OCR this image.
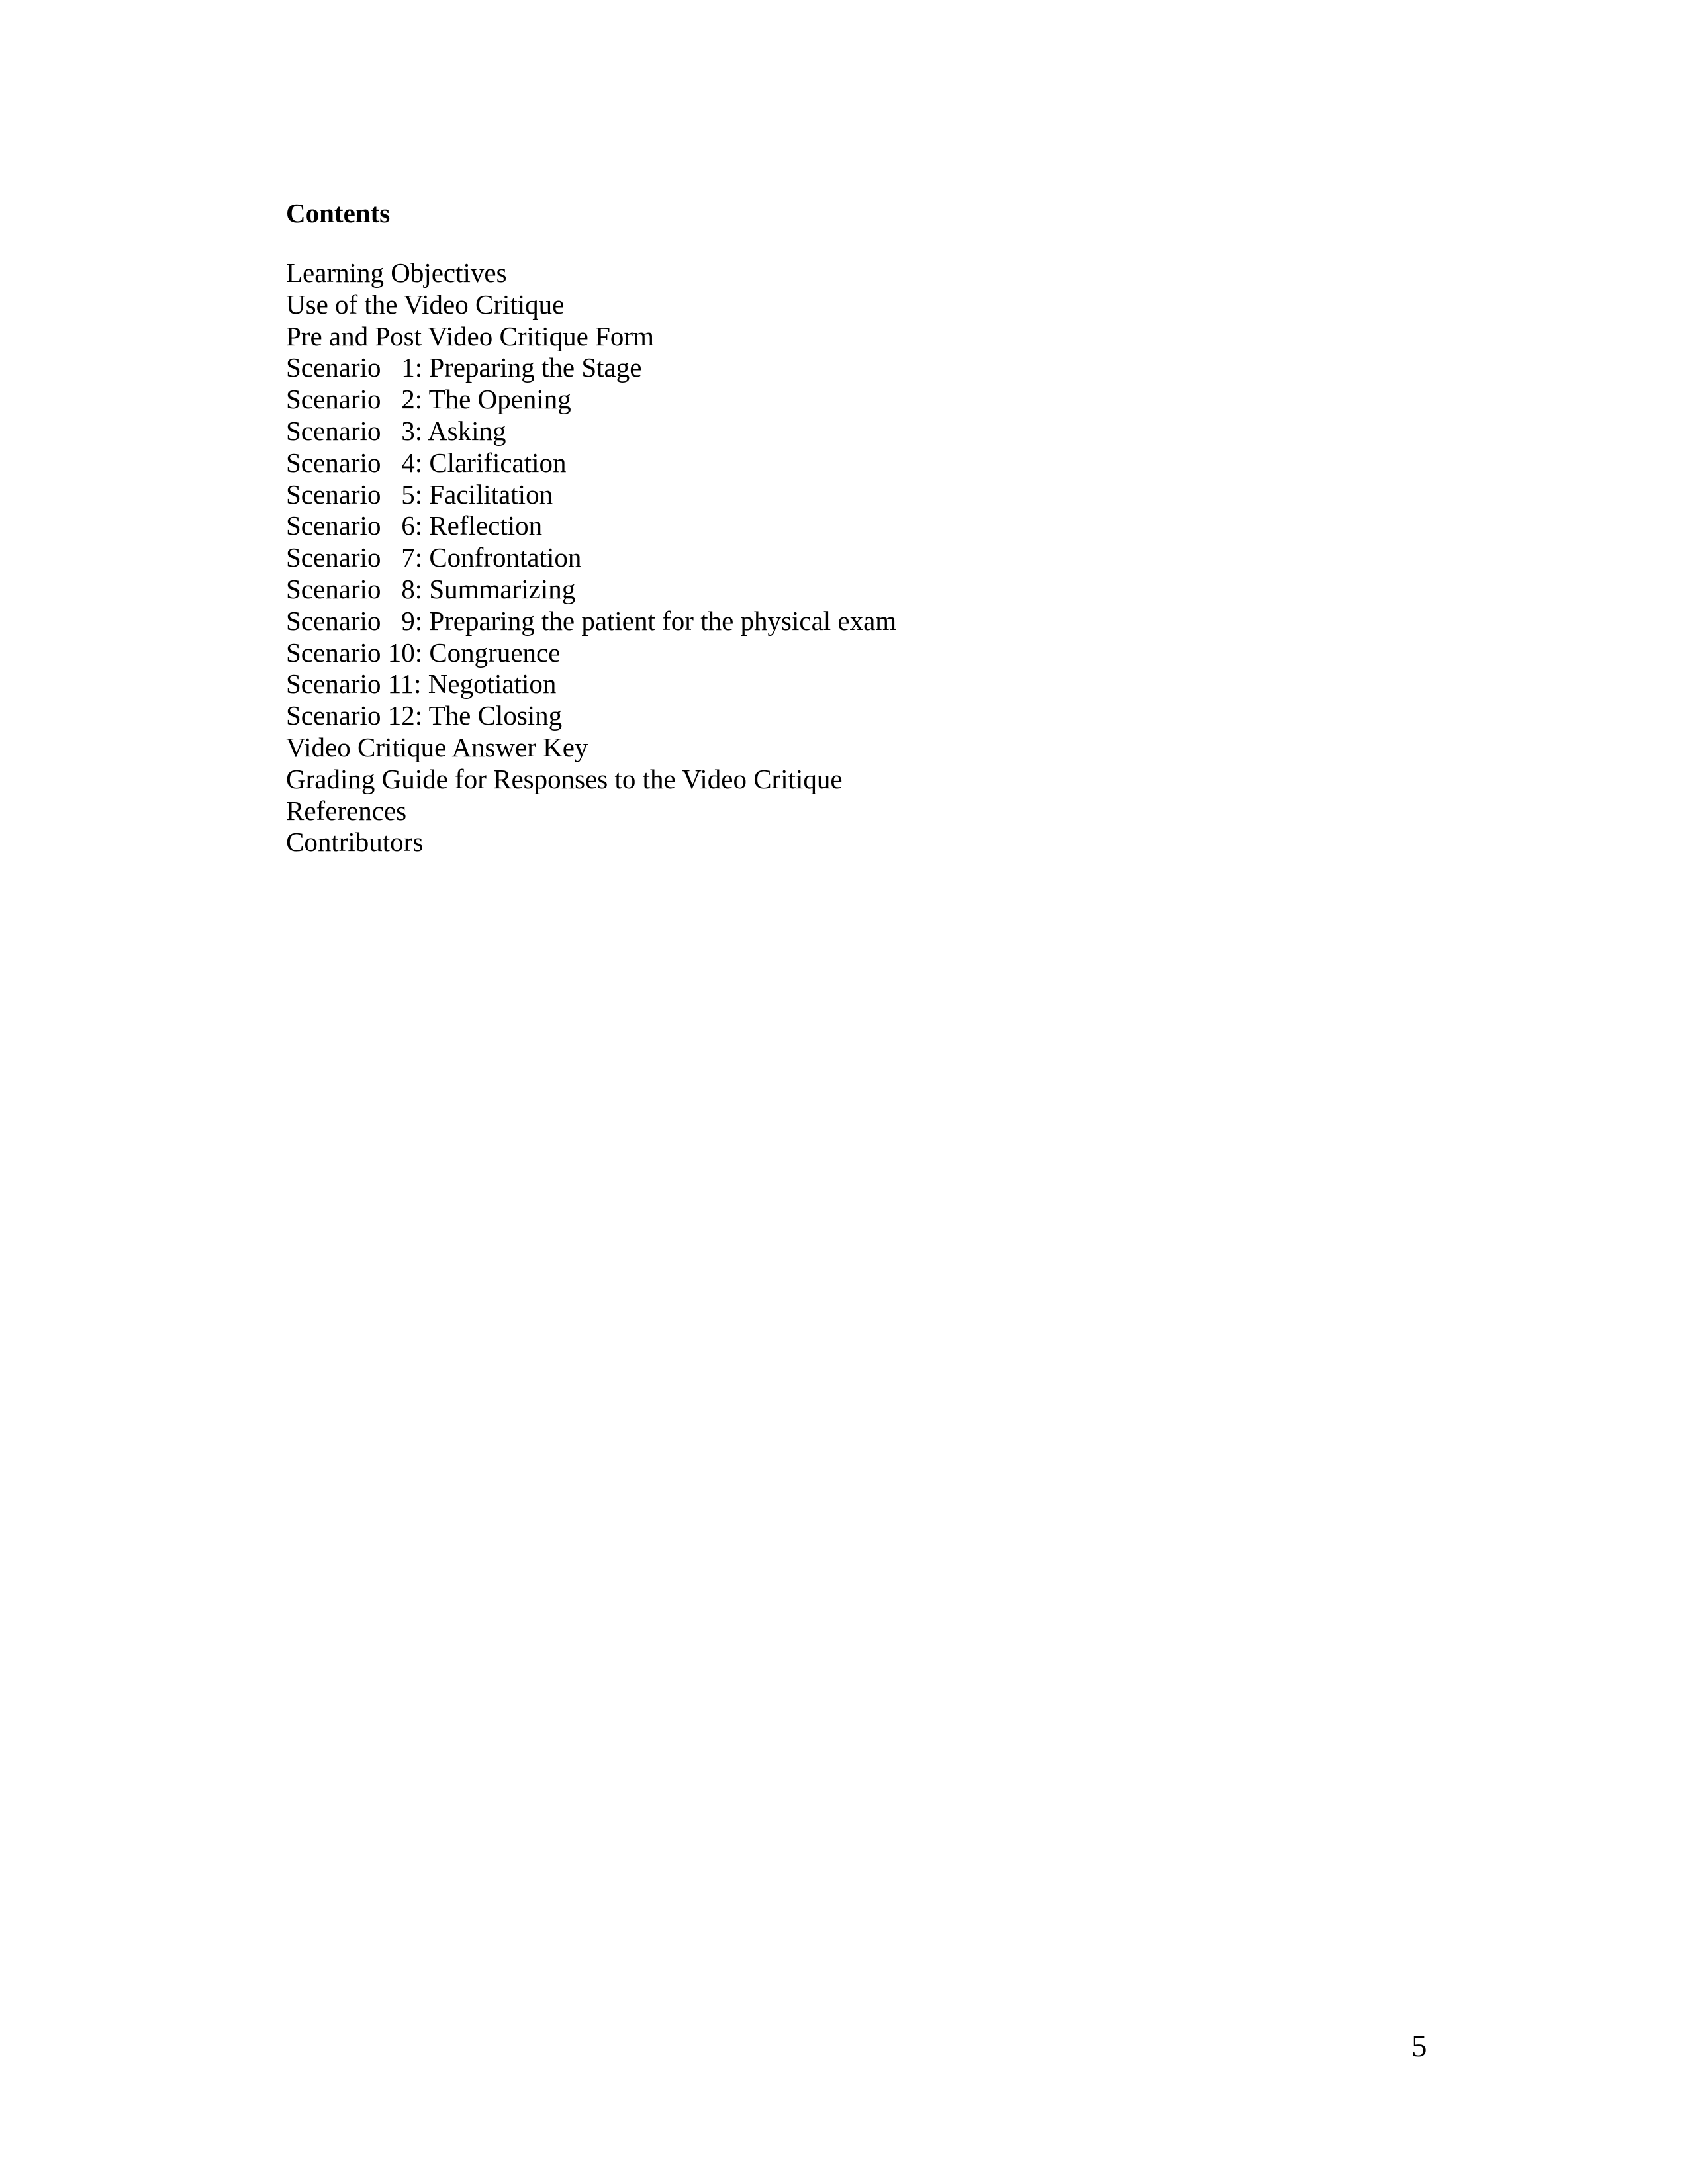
Contents
Learning Objectives
Use of the Video Critique
Pre and Post Video Critique Form
Scenario   1: Preparing the Stage
Scenario   2: The Opening
Scenario   3: Asking
Scenario   4: Clarification
Scenario   5: Facilitation
Scenario   6: Reflection
Scenario   7: Confrontation
Scenario   8: Summarizing
Scenario   9: Preparing the patient for the physical exam
Scenario 10: Congruence
Scenario 11: Negotiation
Scenario 12: The Closing
Video Critique Answer Key
Grading Guide for Responses to the Video Critique
References
Contributors
5
